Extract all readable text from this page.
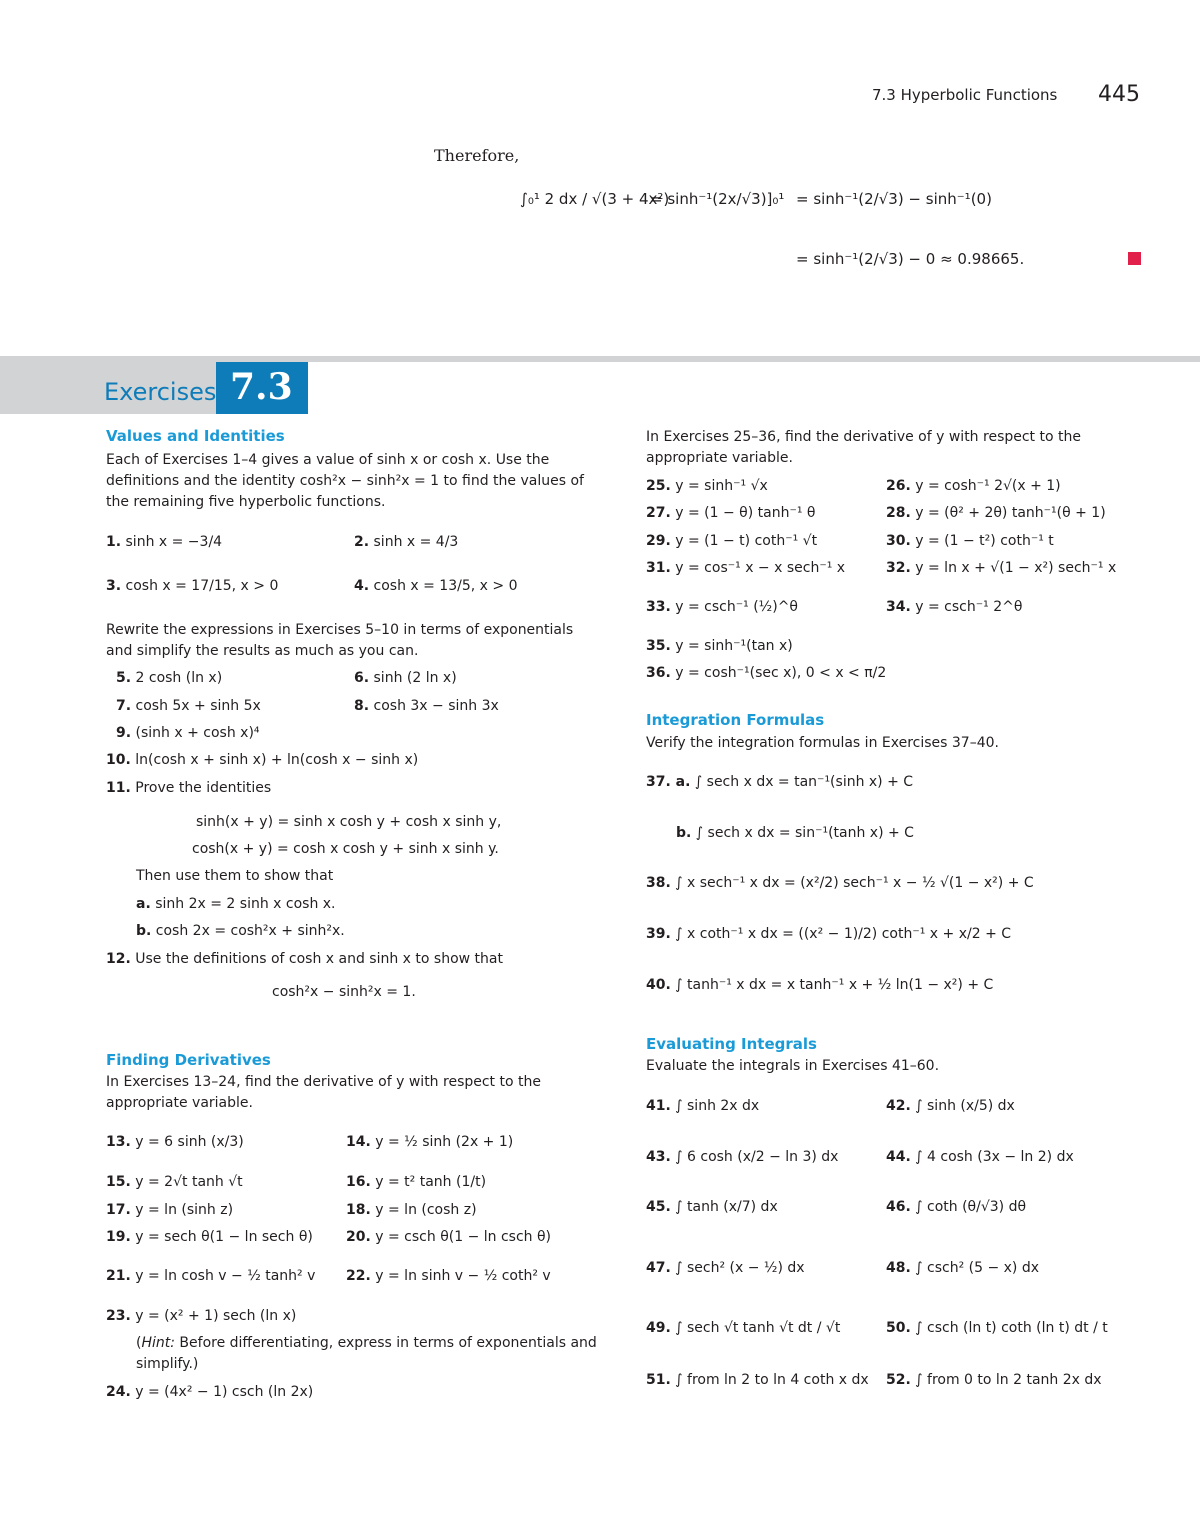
7.3 Hyperbolic Functions 445
Therefore,
∫₀¹ 2 dx / √(3 + 4x²)
= sinh⁻¹(2x/√3)]₀¹ = sinh⁻¹(2/√3) − sinh⁻¹(0)
= sinh⁻¹(2/√3) − 0 ≈ 0.98665.
Exercises 7.3
Values and Identities
Each of Exercises 1–4 gives a value of sinh x or cosh x. Use the definitions and the identity cosh²x − sinh²x = 1 to find the values of the remaining five hyperbolic functions.
1. sinh x = −3/4	2. sinh x = 4/3
3. cosh x = 17/15, x > 0	4. cosh x = 13/5, x > 0
Rewrite the expressions in Exercises 5–10 in terms of exponentials and simplify the results as much as you can.
5. 2 cosh (ln x)	6. sinh (2 ln x)
7. cosh 5x + sinh 5x	8. cosh 3x − sinh 3x
9. (sinh x + cosh x)⁴
10. ln(cosh x + sinh x) + ln(cosh x − sinh x)
11. Prove the identities
sinh(x + y) = sinh x cosh y + cosh x sinh y,
cosh(x + y) = cosh x cosh y + sinh x sinh y.
Then use them to show that
a. sinh 2x = 2 sinh x cosh x.
b. cosh 2x = cosh²x + sinh²x.
12. Use the definitions of cosh x and sinh x to show that
cosh²x − sinh²x = 1.
Finding Derivatives
In Exercises 13–24, find the derivative of y with respect to the appropriate variable.
13. y = 6 sinh (x/3)	14. y = ½ sinh (2x + 1)
15. y = 2√t tanh √t	16. y = t² tanh (1/t)
17. y = ln (sinh z)	18. y = ln (cosh z)
19. y = sech θ(1 − ln sech θ) 20. y = csch θ(1 − ln csch θ)
21. y = ln cosh v − ½ tanh² v 22. y = ln sinh v − ½ coth² v
23. y = (x² + 1) sech (ln x)
(Hint: Before differentiating, express in terms of exponentials and simplify.)
24. y = (4x² − 1) csch (ln 2x)
In Exercises 25–36, find the derivative of y with respect to the appropriate variable.
25. y = sinh⁻¹ √x	26. y = cosh⁻¹ 2√(x + 1)
27. y = (1 − θ) tanh⁻¹ θ	28. y = (θ² + 2θ) tanh⁻¹(θ + 1)
29. y = (1 − t) coth⁻¹ √t	30. y = (1 − t²) coth⁻¹ t
31. y = cos⁻¹ x − x sech⁻¹ x	32. y = ln x + √(1 − x²) sech⁻¹ x
33. y = csch⁻¹ (½)^θ	34. y = csch⁻¹ 2^θ
35. y = sinh⁻¹(tan x)
36. y = cosh⁻¹(sec x), 0 < x < π/2
Integration Formulas
Verify the integration formulas in Exercises 37–40.
37. a. ∫ sech x dx = tan⁻¹(sinh x) + C
b. ∫ sech x dx = sin⁻¹(tanh x) + C
38. ∫ x sech⁻¹ x dx = (x²/2) sech⁻¹ x − ½ √(1 − x²) + C
39. ∫ x coth⁻¹ x dx = ((x² − 1)/2) coth⁻¹ x + x/2 + C
40. ∫ tanh⁻¹ x dx = x tanh⁻¹ x + ½ ln(1 − x²) + C
Evaluating Integrals
Evaluate the integrals in Exercises 41–60.
41. ∫ sinh 2x dx	42. ∫ sinh (x/5) dx
43. ∫ 6 cosh (x/2 − ln 3) dx	44. ∫ 4 cosh (3x − ln 2) dx
45. ∫ tanh (x/7) dx	46. ∫ coth (θ/√3) dθ
47. ∫ sech² (x − ½) dx	48. ∫ csch² (5 − x) dx
49. ∫ sech √t tanh √t dt / √t	50. ∫ csch (ln t) coth (ln t) dt / t
51. ∫ from ln 2 to ln 4 coth x dx 52. ∫ from 0 to ln 2 tanh 2x dx
